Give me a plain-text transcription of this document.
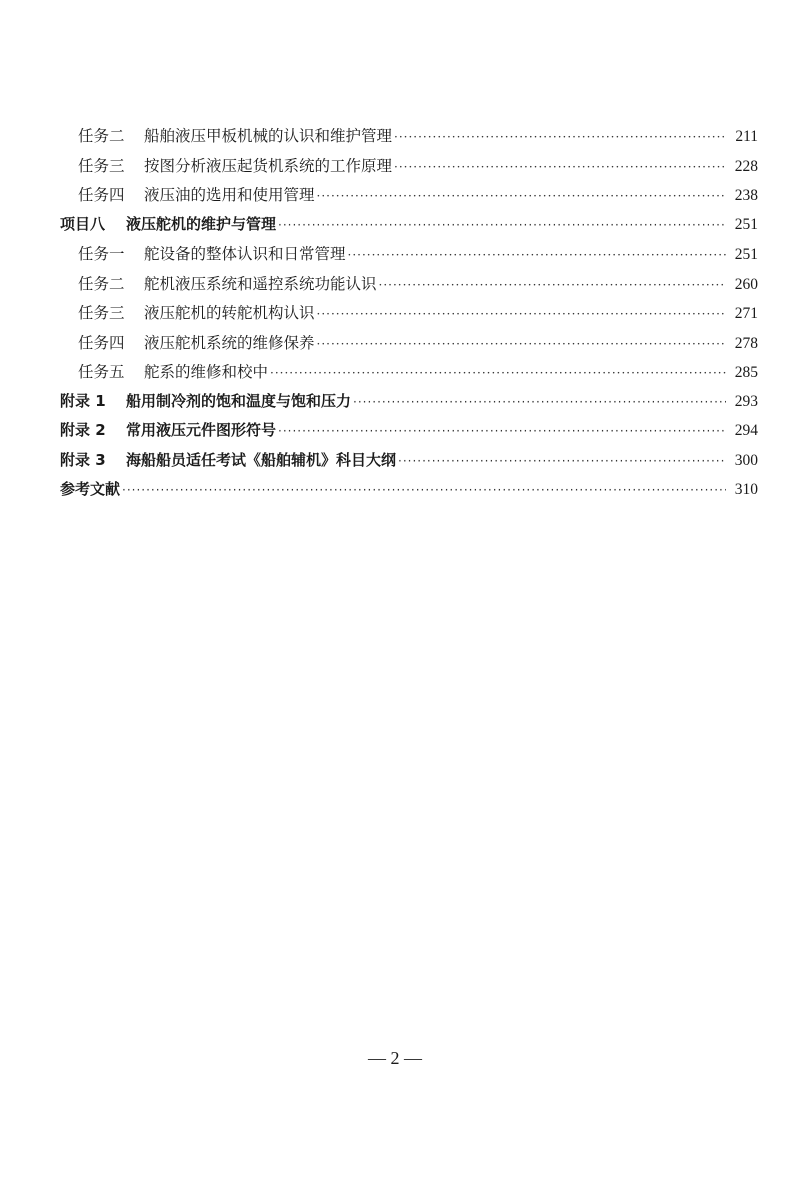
任务二	船舶液压甲板机械的认识和维护管理 ·····	211
任务三	按图分析液压起货机系统的工作原理 ·····	228
任务四	液压油的选用和使用管理 ·····	238
项目八	液压舵机的维护与管理 ·····	251
任务一	舵设备的整体认识和日常管理 ·····	251
任务二	舵机液压系统和遥控系统功能认识 ·····	260
任务三	液压舵机的转舵机构认识 ·····	271
任务四	液压舵机系统的维修保养 ·····	278
任务五	舵系的维修和校中 ·····	285
附录 1	船用制冷剂的饱和温度与饱和压力 ·····	293
附录 2	常用液压元件图形符号 ·····	294
附录 3	海船船员适任考试《船舶辅机》科目大纲 ·····	300
参考文献 ·····	310
— 2 —
